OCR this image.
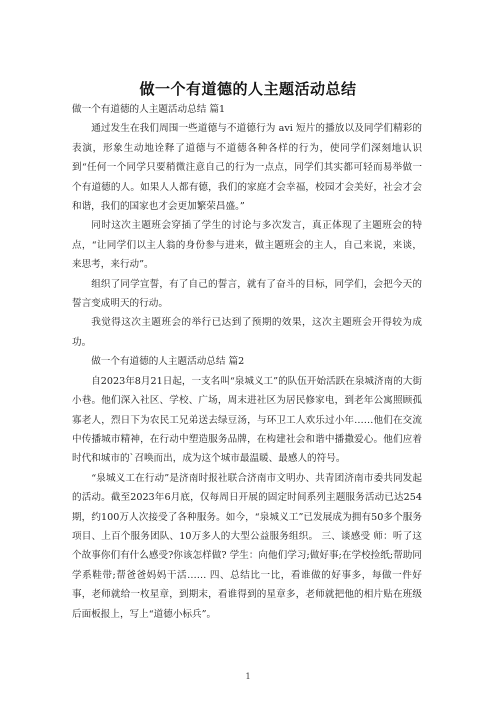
做一个有道德的人主题活动总结

做一个有道德的人主题活动总结 篇1

通过发生在我们周围一些道德与不道德行为 avi 短片的播放以及同学们精彩的表演，形象生动地诠释了道德与不道德各种各样的行为，使同学们深刻地认识到“任何一个同学只要稍微注意自己的行为一点点，同学们其实都可轻而易举做一个有道德的人。如果人人都有德，我们的家庭才会幸福，校园才会美好，社会才会和谐，我们的国家也才会更加繁荣昌盛。”

同时这次主题班会穿插了学生的讨论与多次发言，真正体现了主题班会的特点，“让同学们以主人翁的身份参与进来，做主题班会的主人，自己来说，来谈，来思考，来行动”。

组织了同学宣誓，有了自己的誓言，就有了奋斗的目标，同学们，会把今天的誓言变成明天的行动。

我觉得这次主题班会的举行已达到了预期的效果，这次主题班会开得较为成功。

做一个有道德的人主题活动总结 篇2

自2023年8月21日起，一支名叫“泉城义工”的队伍开始活跃在泉城济南的大街小巷。他们深入社区、学校、广场，周末进社区为居民修家电，到老年公寓照顾孤寡老人，烈日下为农民工兄弟送去绿豆汤，与环卫工人欢乐过小年……他们在交流中传播城市精神，在行动中塑造服务品牌，在构建社会和谐中播撒爱心。他们应着时代和城市的`召唤而出，成为这个城市最温暖、最感人的符号。

“泉城义工在行动”是济南时报社联合济南市文明办、共青团济南市委共同发起的活动。截至2023年6月底，仅每周日开展的固定时间系列主题服务活动已达254期，约100万人次接受了各种服务。如今，“泉城义工”已发展成为拥有50多个服务项目、上百个服务团队、10万多人的大型公益服务组织。 三、谈感受 师：听了这个故事你们有什么感受?你该怎样做? 学生：向他们学习;做好事;在学校捡纸;帮助同学系鞋带;帮爸爸妈妈干活…… 四、总结比一比，看谁做的好事多，每做一件好事，老师就给一枚星章，到期末，看谁得到的星章多，老师就把他的相片贴在班级后面板报上，写上“道德小标兵”。

1
